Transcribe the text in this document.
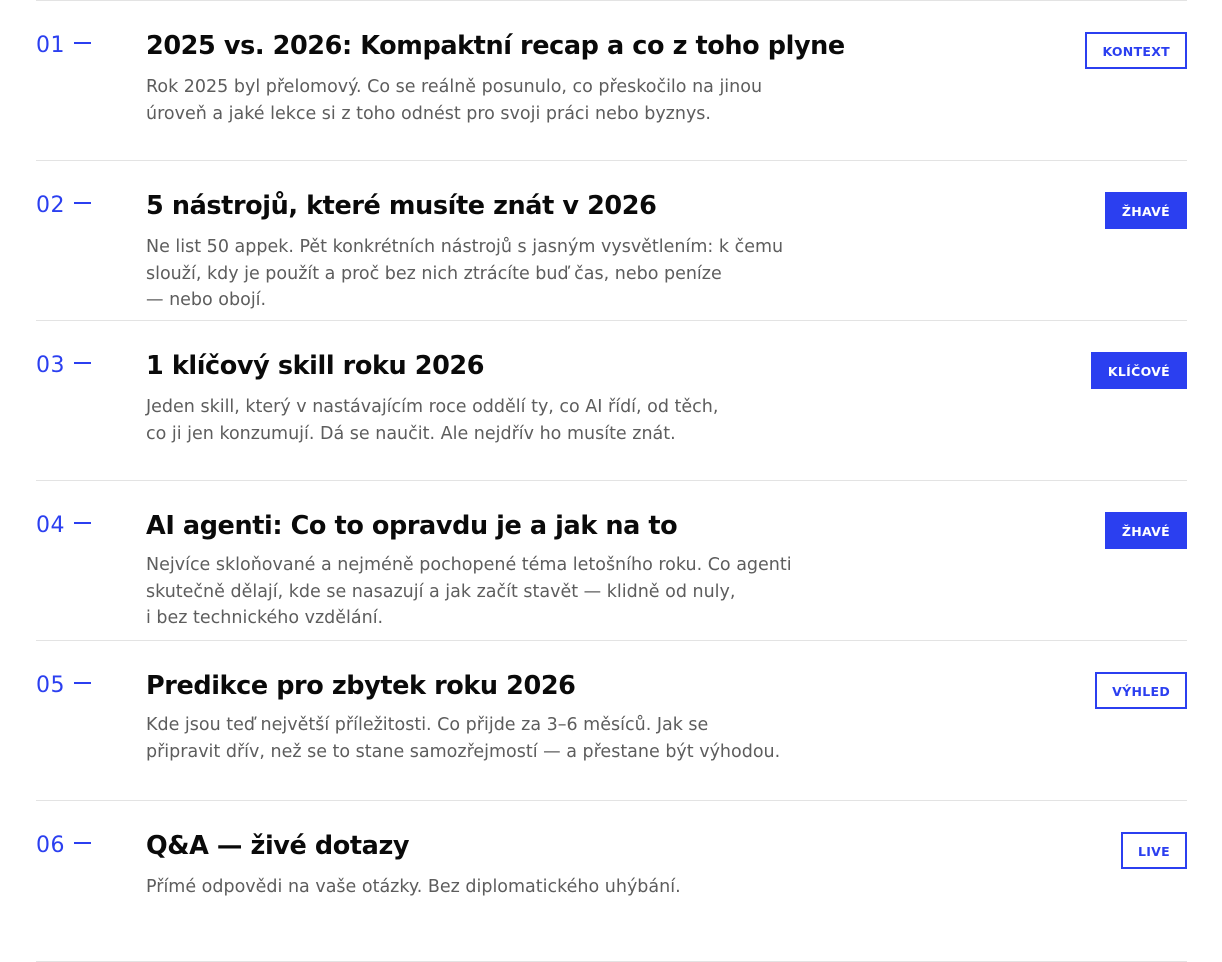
01	2025 vs. 2026: Kompaktní recap a co z toho plyne
Rok 2025 byl přelomový. Co se reálně posunulo, co přeskočilo na jinou
úroveň a jaké lekce si z toho odnést pro svoji práci nebo byznys.
KONTEXT
02	5 nástrojů, které musíte znát v 2026
Ne list 50 appek. Pět konkrétních nástrojů s jasným vysvětlením: k čemu
slouží, kdy je použít a proč bez nich ztrácíte buď čas, nebo peníze
— nebo obojí.
ŽHAVÉ
03	1 klíčový skill roku 2026
Jeden skill, který v nastávajícím roce oddělí ty, co AI řídí, od těch,
co ji jen konzumují. Dá se naučit. Ale nejdřív ho musíte znát.
KLÍČOVÉ
04	AI agenti: Co to opravdu je a jak na to
Nejvíce skloňované a nejméně pochopené téma letošního roku. Co agenti
skutečně dělají, kde se nasazují a jak začít stavět — klidně od nuly,
i bez technického vzdělání.
ŽHAVÉ
05	Predikce pro zbytek roku 2026
Kde jsou teď největší příležitosti. Co přijde za 3–6 měsíců. Jak se
připravit dřív, než se to stane samozřejmostí — a přestane být výhodou.
VÝHLED
06	Q&A — živé dotazy
Přímé odpovědi na vaše otázky. Bez diplomatického uhýbání.
LIVE
